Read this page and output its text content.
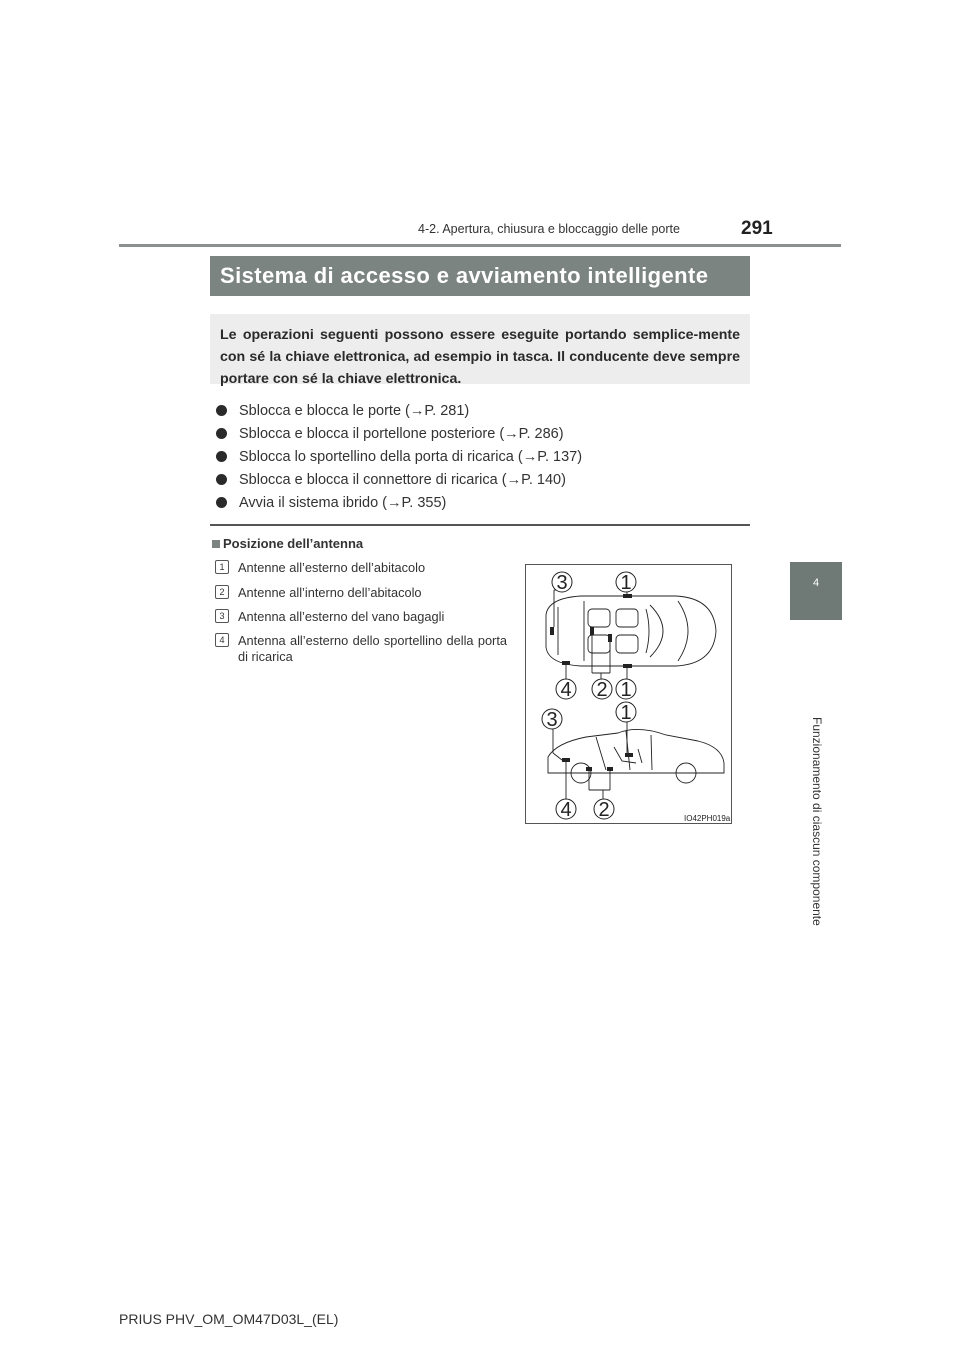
4-2. Apertura, chiusura e bloccaggio delle porte	291
4
Funzionamento di ciascun componente
Sistema di accesso e avviamento intelligente
Le operazioni seguenti possono essere eseguite portando semplice-mente con sé la chiave elettronica, ad esempio in tasca. Il conducente deve sempre portare con sé la chiave elettronica.
Sblocca e blocca le porte (→P. 281)
Sblocca e blocca il portellone posteriore (→P. 286)
Sblocca lo sportellino della porta di ricarica (→P. 137)
Sblocca e blocca il connettore di ricarica (→P. 140)
Avvia il sistema ibrido (→P. 355)
Posizione dell’antenna
1	Antenne all’esterno dell’abitacolo
2	Antenne all’interno dell’abitacolo
3	Antenna all’esterno del vano bagagli
4	Antenna all’esterno dello sportellino della porta di ricarica
3	1
4 2 1
3	1
4 2	IO42PH019a
PRIUS PHV_OM_OM47D03L_(EL)
